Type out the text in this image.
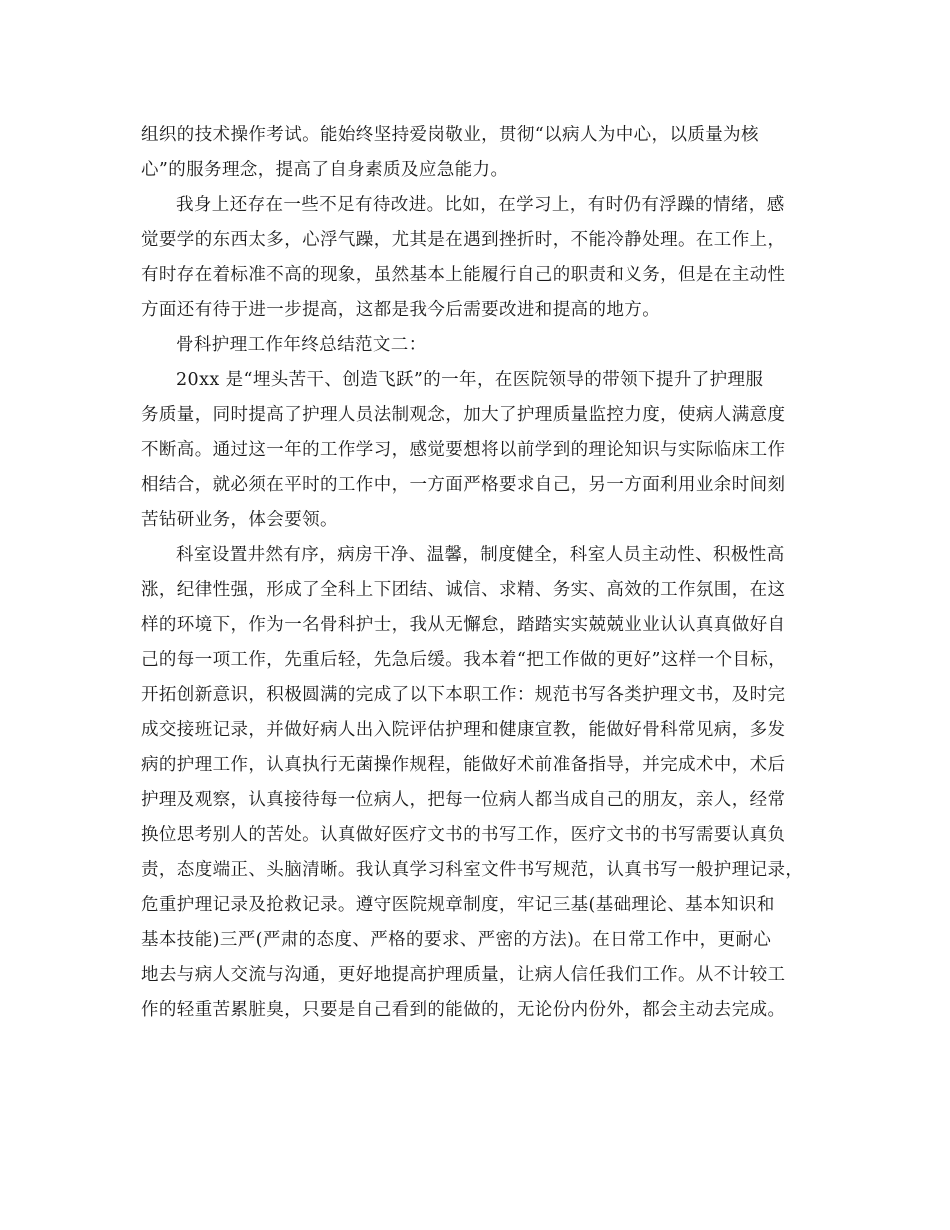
组织的技术操作考试。能始终坚持爱岗敬业，贯彻“以病人为中心，以质量为核
心”的服务理念，提高了自身素质及应急能力。
我身上还存在一些不足有待改进。比如，在学习上，有时仍有浮躁的情绪，感
觉要学的东西太多，心浮气躁，尤其是在遇到挫折时，不能冷静处理。在工作上，
有时存在着标准不高的现象，虽然基本上能履行自己的职责和义务，但是在主动性
方面还有待于进一步提高，这都是我今后需要改进和提高的地方。
骨科护理工作年终总结范文二：
20xx 是“埋头苦干、创造飞跃”的一年，在医院领导的带领下提升了护理服
务质量，同时提高了护理人员法制观念，加大了护理质量监控力度，使病人满意度
不断高。通过这一年的工作学习，感觉要想将以前学到的理论知识与实际临床工作
相结合，就必须在平时的工作中，一方面严格要求自己，另一方面利用业余时间刻
苦钻研业务，体会要领。
科室设置井然有序，病房干净、温馨，制度健全，科室人员主动性、积极性高
涨，纪律性强，形成了全科上下团结、诚信、求精、务实、高效的工作氛围，在这
样的环境下，作为一名骨科护士，我从无懈怠，踏踏实实兢兢业业认认真真做好自
己的每一项工作，先重后轻，先急后缓。我本着“把工作做的更好”这样一个目标，
开拓创新意识，积极圆满的完成了以下本职工作：规范书写各类护理文书，及时完
成交接班记录，并做好病人出入院评估护理和健康宣教，能做好骨科常见病，多发
病的护理工作，认真执行无菌操作规程，能做好术前准备指导，并完成术中，术后
护理及观察，认真接待每一位病人，把每一位病人都当成自己的朋友，亲人，经常
换位思考别人的苦处。认真做好医疗文书的书写工作，医疗文书的书写需要认真负
责，态度端正、头脑清晰。我认真学习科室文件书写规范，认真书写一般护理记录，
危重护理记录及抢救记录。遵守医院规章制度，牢记三基(基础理论、基本知识和
基本技能)三严(严肃的态度、严格的要求、严密的方法)。在日常工作中，更耐心
地去与病人交流与沟通，更好地提高护理质量，让病人信任我们工作。从不计较工
作的轻重苦累脏臭，只要是自己看到的能做的，无论份内份外，都会主动去完成。
